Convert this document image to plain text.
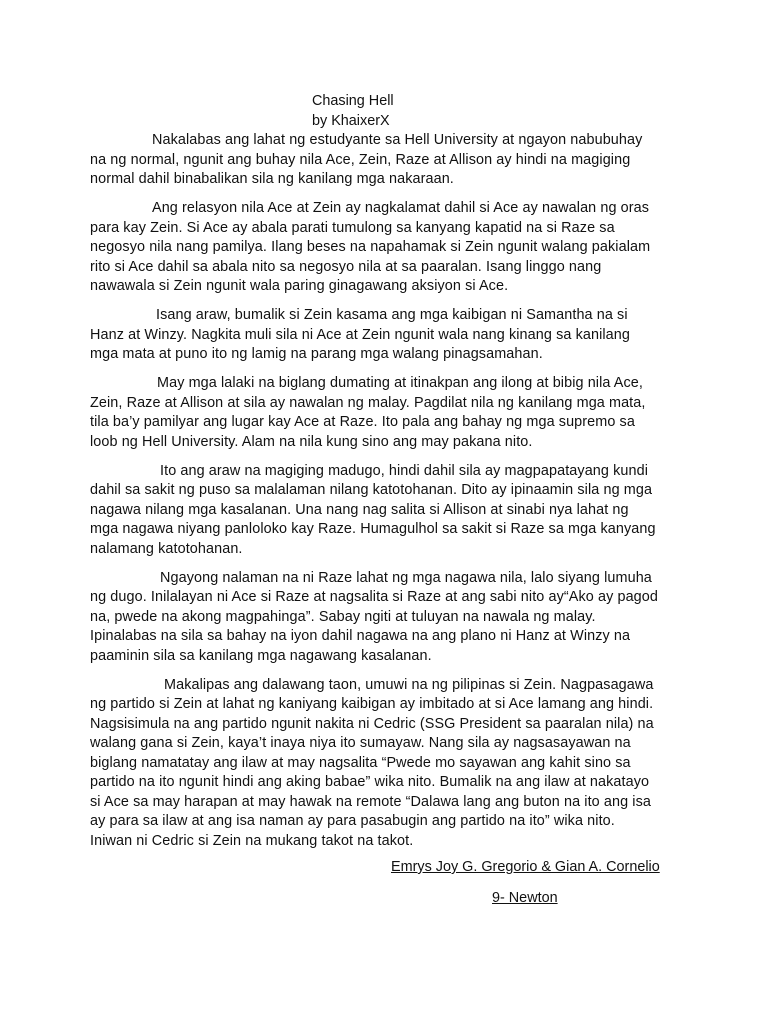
Chasing Hell
by KhaixerX
Nakalabas ang lahat ng estudyante sa Hell University at ngayon nabubuhay
na ng normal, ngunit ang buhay nila Ace, Zein, Raze at Allison ay hindi na magiging
normal dahil binabalikan sila ng kanilang mga nakaraan.
Ang relasyon nila Ace at Zein ay nagkalamat dahil si Ace ay nawalan ng oras
para kay Zein. Si Ace ay abala parati tumulong sa kanyang kapatid na si Raze sa
negosyo nila nang pamilya. Ilang beses na napahamak si Zein ngunit walang pakialam
rito si Ace dahil sa abala nito sa negosyo nila at sa paaralan. Isang linggo nang
nawawala si Zein ngunit wala paring ginagawang aksiyon si Ace.
Isang araw, bumalik si Zein kasama ang mga kaibigan ni Samantha na si
Hanz at Winzy. Nagkita muli sila ni Ace at Zein ngunit wala nang kinang sa kanilang
mga mata at puno ito ng lamig na parang mga walang pinagsamahan.
May mga lalaki na biglang dumating at itinakpan ang ilong at bibig nila Ace,
Zein, Raze at Allison at sila ay nawalan ng malay. Pagdilat nila ng kanilang mga mata,
tila ba’y pamilyar ang lugar kay Ace at Raze. Ito pala ang bahay ng mga supremo sa
loob ng Hell University. Alam na nila kung sino ang may pakana nito.
Ito ang araw na magiging madugo, hindi dahil sila ay magpapatayang kundi
dahil sa sakit ng puso sa malalaman nilang katotohanan. Dito ay ipinaamin sila ng mga
nagawa nilang mga kasalanan. Una nang nag salita si Allison at sinabi nya lahat ng
mga nagawa niyang panloloko kay Raze. Humagulhol sa sakit si Raze sa mga kanyang
nalamang katotohanan.
Ngayong nalaman na ni Raze lahat ng mga nagawa nila, lalo siyang lumuha
ng dugo. Inilalayan ni Ace si Raze at nagsalita si Raze at ang sabi nito ay“Ako ay pagod
na, pwede na akong magpahinga”. Sabay ngiti at tuluyan na nawala ng malay.
Ipinalabas na sila sa bahay na iyon dahil nagawa na ang plano ni Hanz at Winzy na
paaminin sila sa kanilang mga nagawang kasalanan.
Makalipas ang dalawang taon, umuwi na ng pilipinas si Zein. Nagpasagawa
ng partido si Zein at lahat ng kaniyang kaibigan ay imbitado at si Ace lamang ang hindi.
Nagsisimula na ang partido ngunit nakita ni Cedric (SSG President sa paaralan nila) na
walang gana si Zein, kaya’t inaya niya ito sumayaw. Nang sila ay nagsasayawan na
biglang namatatay ang ilaw at may nagsalita “Pwede mo sayawan ang kahit sino sa
partido na ito ngunit hindi ang aking babae” wika nito. Bumalik na ang ilaw at nakatayo
si Ace sa may harapan at may hawak na remote “Dalawa lang ang buton na ito ang isa
ay para sa ilaw at ang isa naman ay para pasabugin ang partido na ito” wika nito.
Iniwan ni Cedric si Zein na mukang takot na takot.
Emrys Joy G. Gregorio & Gian A. Cornelio
9- Newton
